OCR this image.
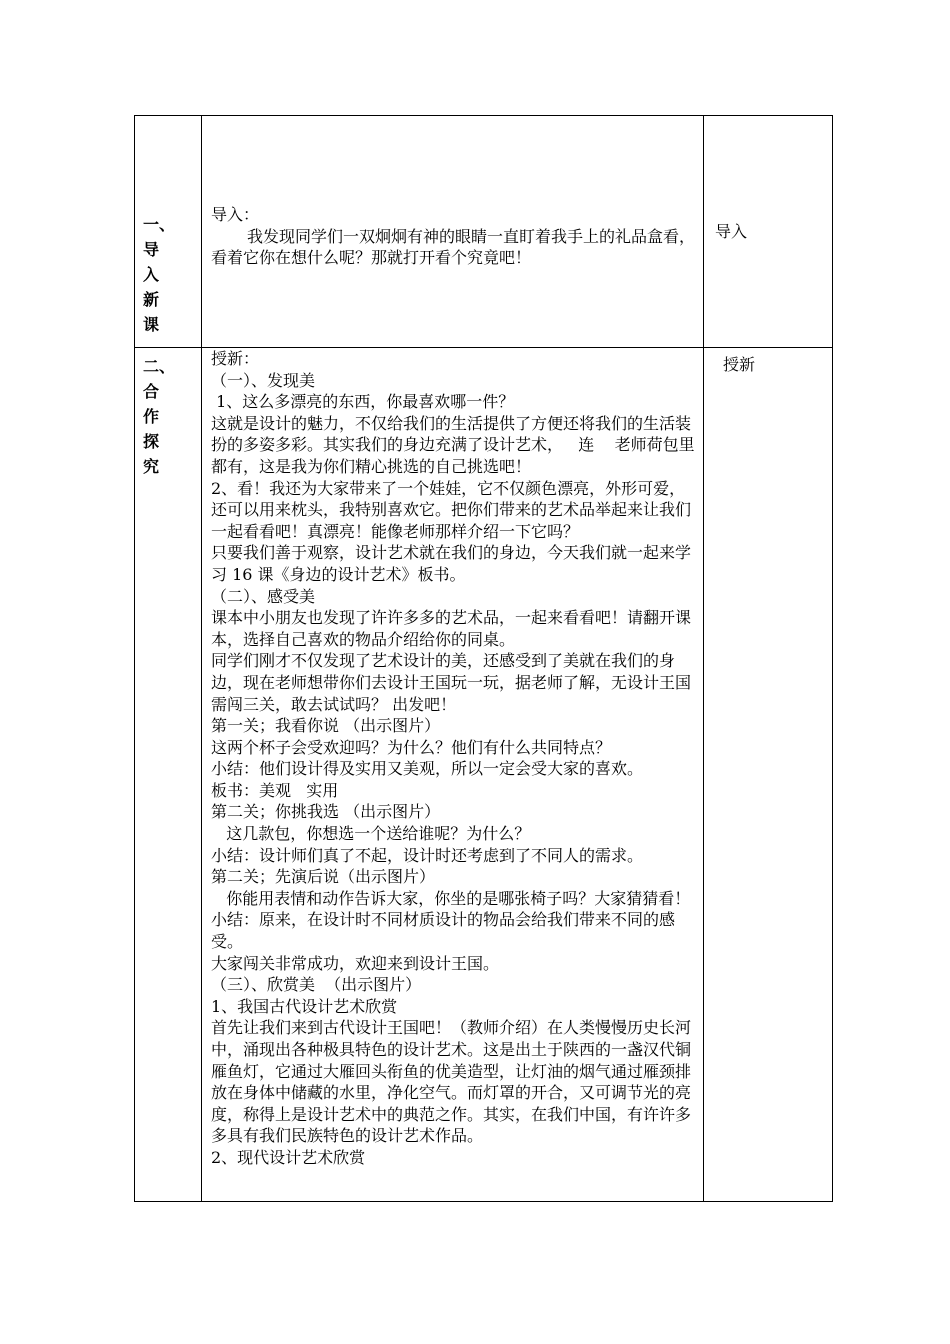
一、
导 入
新 课

导入：

我发现同学们一双炯炯有神的眼睛一直盯着我手上的礼品盒看，看着它你在想什么呢？那就打开看个究竟吧！

导入
二、
合 作
探 究

授新：

（一）、发现美

1、这么多漂亮的东西，你最喜欢哪一件？

这就是设计的魅力，不仅给我们的生活提供了方便还将我们的生活装扮的多姿多彩。其实我们的身边充满了设计艺术，   连    老师荷包里都有，这是我为你们精心挑选的自己挑选吧！

2、看！我还为大家带来了一个娃娃，它不仅颜色漂亮，外形可爱，还可以用来枕头，我特别喜欢它。把你们带来的艺术品举起来让我们一起看看吧！真漂亮！能像老师那样介绍一下它吗？

只要我们善于观察，设计艺术就在我们的身边，今天我们就一起来学习 16 课《身边的设计艺术》板书。

（二）、感受美

课本中小朋友也发现了许许多多的艺术品，一起来看看吧！请翻开课本，选择自己喜欢的物品介绍给你的同桌。

同学们刚才不仅发现了艺术设计的美，还感受到了美就在我们的身边，现在老师想带你们去设计王国玩一玩，据老师了解，无设计王国需闯三关，敢去试试吗？ 出发吧！

第一关；我看你说 （出示图片）

这两个杯子会受欢迎吗？为什么？他们有什么共同特点？

小结：他们设计得及实用又美观，所以一定会受大家的喜欢。

板书：美观   实用

第二关；你挑我选 （出示图片）

这几款包，你想选一个送给谁呢？为什么？

小结：设计师们真了不起，设计时还考虑到了不同人的需求。

第二关；先演后说（出示图片）

你能用表情和动作告诉大家，你坐的是哪张椅子吗？大家猜猜看！

小结：原来，在设计时不同材质设计的物品会给我们带来不同的感受。

大家闯关非常成功，欢迎来到设计王国。

（三）、欣赏美  （出示图片）

1、我国古代设计艺术欣赏

首先让我们来到古代设计王国吧！（教师介绍）在人类慢慢历史长河中，涌现出各种极具特色的设计艺术。这是出土于陕西的一盏汉代铜雁鱼灯，它通过大雁回头衔鱼的优美造型，让灯油的烟气通过雁颈排放在身体中储藏的水里，净化空气。而灯罩的开合，又可调节光的亮度，称得上是设计艺术中的典范之作。其实，在我们中国，有许许多多具有我们民族特色的设计艺术作品。

2、现代设计艺术欣赏

授新
